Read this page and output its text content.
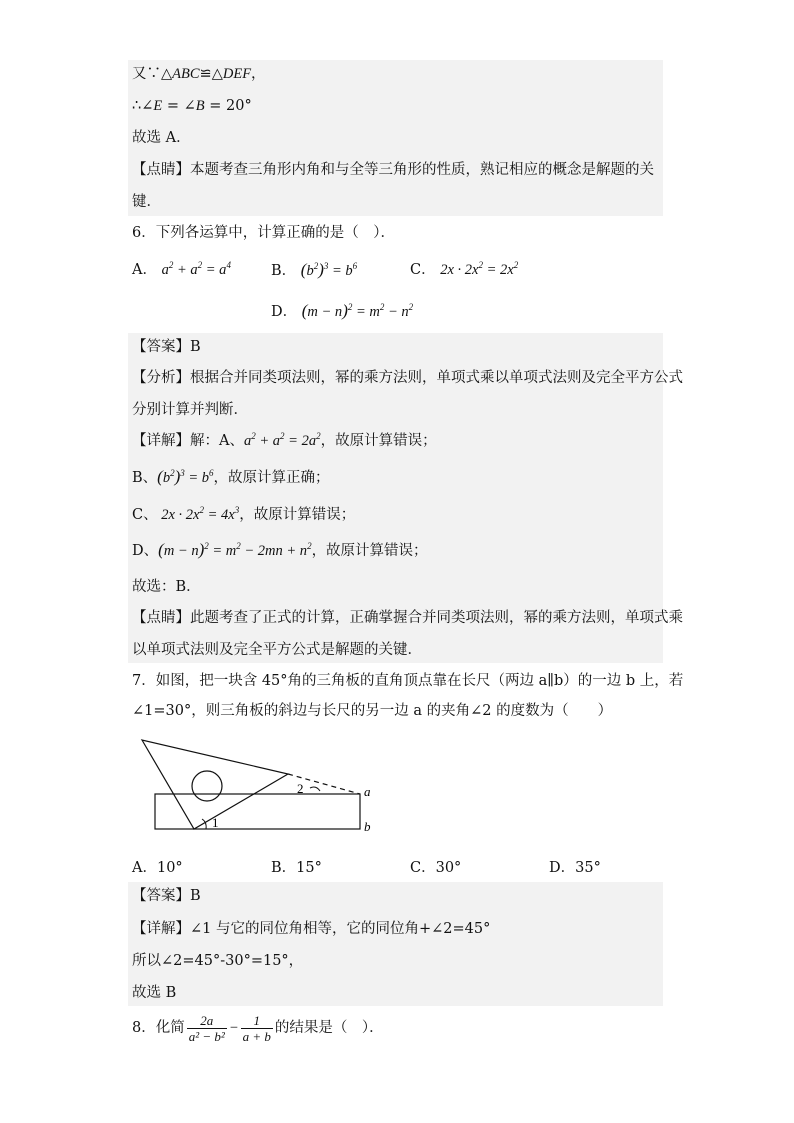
又∵△ABC≌△DEF，
∴∠E = ∠B = 20°
故选 A．
【点睛】本题考查三角形内角和与全等三角形的性质，熟记相应的概念是解题的关
键．
6．下列各运算中，计算正确的是（　）．
A． $a^2 + a^2 = a^4$	B． $(b^2)^3 = b^6$	C． $2x \cdot 2x^2 = 2x^2$
D． $(m - n)^2 = m^2 - n^2$
【答案】B
【分析】根据合并同类项法则，幂的乘方法则，单项式乘以单项式法则及完全平方公式
分别计算并判断．
【详解】解：A、$a^2 + a^2 = 2a^2$，故原计算错误；
B、$(b^2)^3 = b^6$，故原计算正确；
C、 $2x \cdot 2x^2 = 4x^3$，故原计算错误；
D、$(m - n)^2 = m^2 - 2mn + n^2$，故原计算错误；
故选：B．
【点睛】此题考查了正式的计算，正确掌握合并同类项法则，幂的乘方法则，单项式乘
以单项式法则及完全平方公式是解题的关键．
7．如图，把一块含 45°角的三角板的直角顶点靠在长尺（两边 a∥b）的一边 b 上，若
∠1=30°，则三角板的斜边与长尺的另一边 a 的夹角∠2 的度数为（　　）
2
1
a
b
A．10°	B．15°	C．30°	D．35°
【答案】B
【详解】∠1 与它的同位角相等，它的同位角+∠2=45°
所以∠2=45°-30°=15°，
故选 B
8．化简 $\frac{2a}{\text{a² − b²}} - \frac{1}{a + b}$ 的结果是（　）．
